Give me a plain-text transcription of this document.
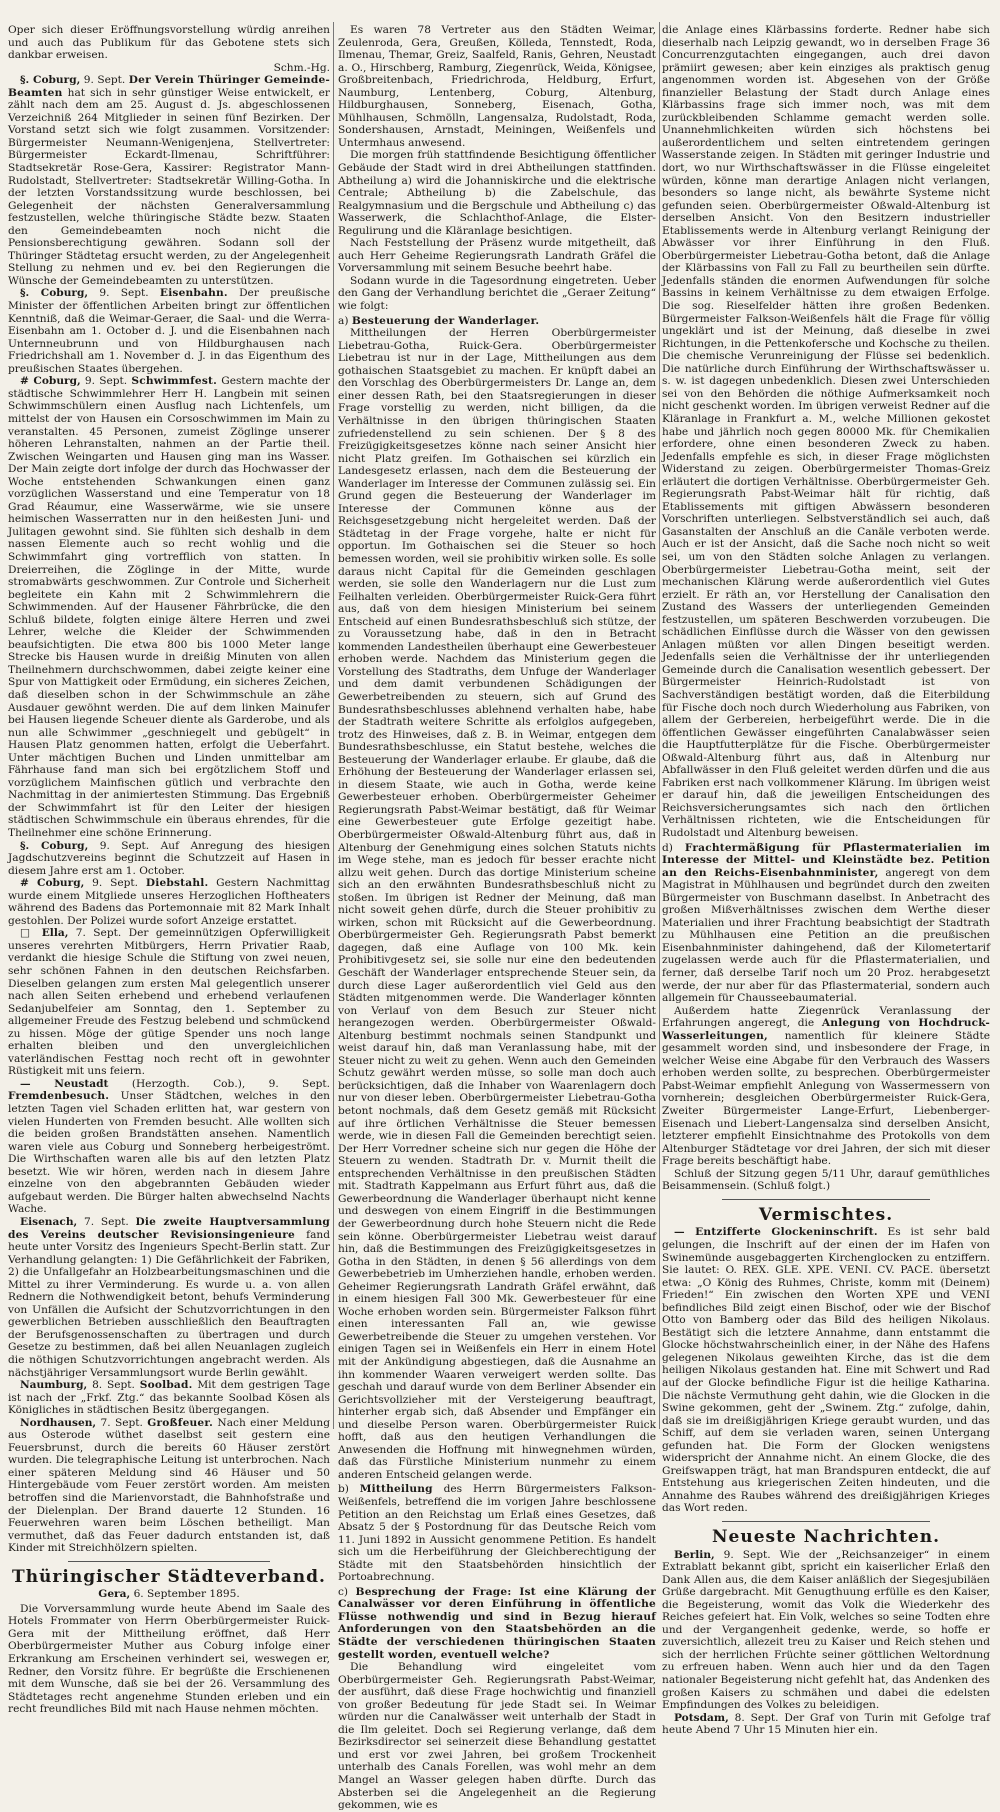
Oper sich dieser Eröffnungsvorstellung würdig anreihen und auch das Publikum für das Gebotene stets sich dankbar erweisen.

Schm.-Hg.

§. Coburg, 9. Sept. Der Verein Thüringer Gemeinde-Beamten hat sich in sehr günstiger Weise entwickelt, er zählt nach dem am 25. August d. Js. abgeschlossenen Verzeichniß 264 Mitglieder in seinen fünf Bezirken. Der Vorstand setzt sich wie folgt zusammen. Vorsitzender: Bürgermeister Neumann-Wenigenjena, Stellvertreter: Bürgermeister Eckardt-Ilmenau, Schriftführer: Stadtsekretär Rose-Gera, Kassirer: Registrator Mann-Rudolstadt, Stellvertreter: Stadtsekretär Willing-Gotha. In der letzten Vorstandssitzung wurde beschlossen, bei Gelegenheit der nächsten Generalversammlung festzustellen, welche thüringische Städte bezw. Staaten den Gemeindebeamten noch nicht die Pensionsberechtigung gewähren. Sodann soll der Thüringer Städtetag ersucht werden, zu der Angelegenheit Stellung zu nehmen und ev. bei den Regierungen die Wünsche der Gemeindebeamten zu unterstützen.

§. Coburg, 9. Sept. Eisenbahn. Der preußische Minister der öffentlichen Arbeiten bringt zur öffentlichen Kenntniß, daß die Weimar-Geraer, die Saal- und die Werra-Eisenbahn am 1. October d. J. und die Eisenbahnen nach Unternneubrunn und von Hildburghausen nach Friedrichshall am 1. November d. J. in das Eigenthum des preußischen Staates übergehen.

# Coburg, 9. Sept. Schwimmfest. Gestern machte der städtische Schwimmlehrer Herr H. Langbein mit seinen Schwimmschülern einen Ausflug nach Lichtenfels, um mittelst der von Hausen ein Corsoschwimmen im Main zu veranstalten. 45 Personen, zumeist Zöglinge unserer höheren Lehranstalten, nahmen an der Partie theil. Zwischen Weingarten und Hausen ging man ins Wasser. Der Main zeigte dort infolge der durch das Hochwasser der Woche entstehenden Schwankungen einen ganz vorzüglichen Wasserstand und eine Temperatur von 18 Grad Réaumur, eine Wasserwärme, wie sie unsere heimischen Wasserratten nur in den heißesten Juni- und Julitagen gewohnt sind. Sie fühlten sich deshalb in dem nassen Elemente auch so recht wohlig und die Schwimmfahrt ging vortrefflich von statten. In Dreierreihen, die Zöglinge in der Mitte, wurde stromabwärts geschwommen. Zur Controle und Sicherheit begleitete ein Kahn mit 2 Schwimmlehrern die Schwimmenden. Auf der Hausener Fährbrücke, die den Schluß bildete, folgten einige ältere Herren und zwei Lehrer, welche die Kleider der Schwimmenden beaufsichtigten. Die etwa 800 bis 1000 Meter lange Strecke bis Hausen wurde in dreißig Minuten von allen Theilnehmern durchschwommen, dabei zeigte keiner eine Spur von Mattigkeit oder Ermüdung, ein sicheres Zeichen, daß dieselben schon in der Schwimmschule an zähe Ausdauer gewöhnt werden. Die auf dem linken Mainufer bei Hausen liegende Scheuer diente als Garderobe, und als nun alle Schwimmer „geschniegelt und gebügelt“ in Hausen Platz genommen hatten, erfolgt die Ueberfahrt. Unter mächtigen Buchen und Linden unmittelbar am Fährhause fand man sich bei ergötzlichem Stoff und vorzüglichem Mainfischen gütlich und verbrachte den Nachmittag in der animiertesten Stimmung. Das Ergebniß der Schwimmfahrt ist für den Leiter der hiesigen städtischen Schwimmschule ein überaus ehrendes, für die Theilnehmer eine schöne Erinnerung.

§. Coburg, 9. Sept. Auf Anregung des hiesigen Jagdschutzvereins beginnt die Schutzzeit auf Hasen in diesem Jahre erst am 1. October.

# Coburg, 9. Sept. Diebstahl. Gestern Nachmittag wurde einem Mitgliede unseres Herzoglichen Hoftheaters während des Badens das Portemonnaie mit 82 Mark Inhalt gestohlen. Der Polizei wurde sofort Anzeige erstattet.

□ Ella, 7. Sept. Der gemeinnützigen Opferwilligkeit unseres verehrten Mitbürgers, Herrn Privatier Raab, verdankt die hiesige Schule die Stiftung von zwei neuen, sehr schönen Fahnen in den deutschen Reichsfarben. Dieselben gelangen zum ersten Mal gelegentlich unserer nach allen Seiten erhebend und erhebend verlaufenen Sedanjubelfeier am Sonntag, den 1. September zu allgemeiner Freude des Festzug belebend und schmückend zu hissen. Möge der gütige Spender uns noch lange erhalten bleiben und den unvergleichlichen vaterländischen Festtag noch recht oft in gewohnter Rüstigkeit mit uns feiern.

— Neustadt (Herzogth. Cob.), 9. Sept. Fremdenbesuch. Unser Städtchen, welches in den letzten Tagen viel Schaden erlitten hat, war gestern von vielen Hunderten von Fremden besucht. Alle wollten sich die beiden großen Brandstätten ansehen. Namentlich waren viele aus Coburg und Sonneberg herbeigeströmt. Die Wirthschaften waren alle bis auf den letzten Platz besetzt. Wie wir hören, werden nach in diesem Jahre einzelne von den abgebrannten Gebäuden wieder aufgebaut werden. Die Bürger halten abwechselnd Nachts Wache.

Eisenach, 7. Sept. Die zweite Hauptversammlung des Vereins deutscher Revisionsingenieure fand heute unter Vorsitz des Ingenieurs Specht-Berlin statt. Zur Verhandlung gelangten: 1) Die Gefährlichkeit der Fabriken, 2) die Unfallgefahr an Holzbearbeitungsmaschinen und die Mittel zu ihrer Verminderung. Es wurde u. a. von allen Rednern die Nothwendigkeit betont, behufs Verminderung von Unfällen die Aufsicht der Schutzvorrichtungen in den gewerblichen Betrieben ausschließlich den Beauftragten der Berufsgenossenschaften zu übertragen und durch Gesetze zu bestimmen, daß bei allen Neuanlagen zugleich die nöthigen Schutzvorrichtungen angebracht werden. Als nächstjähriger Versammlungsort wurde Berlin gewählt.

Naumburg, 8. Sept. Soolbad. Mit dem gestrigen Tage ist nach der „Frkf. Ztg.“ das bekannte Soolbad Kösen als Königliches in städtischen Besitz übergegangen.

Nordhausen, 7. Sept. Großfeuer. Nach einer Meldung aus Osterode wüthet daselbst seit gestern eine Feuersbrunst, durch die bereits 60 Häuser zerstört wurden. Die telegraphische Leitung ist unterbrochen. Nach einer späteren Meldung sind 46 Häuser und 50 Hintergebäude vom Feuer zerstört worden. Am meisten betroffen sind die Marienvorstadt, die Bahnhofstraße und der Dielenplan. Der Brand dauerte 12 Stunden. 16 Feuerwehren waren beim Löschen betheiligt. Man vermuthet, daß das Feuer dadurch entstanden ist, daß Kinder mit Streichhölzern spielten.

Thüringischer Städteverband.

Gera, 6. September 1895.

Die Vorversammlung wurde heute Abend im Saale des Hotels Frommater von Herrn Oberbürgermeister Ruick-Gera mit der Mittheilung eröffnet, daß Herr Oberbürgermeister Muther aus Coburg infolge einer Erkrankung am Erscheinen verhindert sei, weswegen er, Redner, den Vorsitz führe. Er begrüßte die Erschienenen mit dem Wunsche, daß sie bei der 26. Versammlung des Städtetages recht angenehme Stunden erleben und ein recht freundliches Bild mit nach Hause nehmen möchten.

Es waren 78 Vertreter aus den Städten Weimar, Zeulenroda, Gera, Greußen, Kölleda, Tennstedt, Roda, Ilmenau, Themar, Greiz, Saalfeld, Ranis, Gehren, Neustadt a. O., Hirschberg, Ramburg, Ziegenrück, Weida, Königsee, Großbreitenbach, Friedrichroda, Heldburg, Erfurt, Naumburg, Lentenberg, Coburg, Altenburg, Hildburghausen, Sonneberg, Eisenach, Gotha, Mühlhausen, Schmölln, Langensalza, Rudolstadt, Roda, Sondershausen, Arnstadt, Meiningen, Weißenfels und Untermhaus anwesend.

Die morgen früh stattfindende Besichtigung öffentlicher Gebäude der Stadt wird in drei Abtheilungen stattfinden. Abtheilung a) wird die Johanniskirche und die elektrische Centrale; Abtheilung b) die Zabelschule, das Realgymnasium und die Bergschule und Abtheilung c) das Wasserwerk, die Schlachthof-Anlage, die Elster-Regulirung und die Kläranlage besichtigen.

Nach Feststellung der Präsenz wurde mitgetheilt, daß auch Herr Geheime Regierungsrath Landrath Gräfel die Vorversammlung mit seinem Besuche beehrt habe.

Sodann wurde in die Tagesordnung eingetreten. Ueber den Gang der Verhandlung berichtet die „Geraer Zeitung“ wie folgt:

a) Besteuerung der Wanderlager.

Mittheilungen der Herren Oberbürgermeister Liebetrau-Gotha, Ruick-Gera. Oberbürgermeister Liebetrau ist nur in der Lage, Mittheilungen aus dem gothaischen Staatsgebiet zu machen. Er knüpft dabei an den Vorschlag des Oberbürgermeisters Dr. Lange an, dem einer dessen Rath, bei den Staatsregierungen in dieser Frage vorstellig zu werden, nicht billigen, da die Verhältnisse in den übrigen thüringischen Staaten zufriedenstellend zu sein schienen. Der § 8 des Freizügigkeitsgesetzes könne nach seiner Ansicht hier nicht Platz greifen. Im Gothaischen sei kürzlich ein Landesgesetz erlassen, nach dem die Besteuerung der Wanderlager im Interesse der Communen zulässig sei. Ein Grund gegen die Besteuerung der Wanderlager im Interesse der Communen könne aus der Reichsgesetzgebung nicht hergeleitet werden. Daß der Städtetag in der Frage vorgehe, halte er nicht für opportun. Im Gothaischen sei die Steuer so hoch bemessen worden, weil sie prohibitiv wirken solle. Es solle daraus nicht Capital für die Gemeinden geschlagen werden, sie solle den Wanderlagern nur die Lust zum Feilhalten verleiden. Oberbürgermeister Ruick-Gera führt aus, daß von dem hiesigen Ministerium bei seinem Entscheid auf einen Bundesrathsbeschluß sich stütze, der zu Voraussetzung habe, daß in den in Betracht kommenden Landestheilen überhaupt eine Gewerbesteuer erhoben werde. Nachdem das Ministerium gegen die Vorstellung des Stadtraths, dem Unfuge der Wanderlager und dem damit verbundenen Schädigungen der Gewerbetreibenden zu steuern, sich auf Grund des Bundesrathsbeschlusses ablehnend verhalten habe, habe der Stadtrath weitere Schritte als erfolglos aufgegeben, trotz des Hinweises, daß z. B. in Weimar, entgegen dem Bundesrathsbeschlusse, ein Statut bestehe, welches die Besteuerung der Wanderlager erlaube. Er glaube, daß die Erhöhung der Besteuerung der Wanderlager erlassen sei, in diesem Staate, wie auch in Gotha, werde keine Gewerbesteuer erhoben. Oberbürgermeister Geheimer Regierungsrath Pabst-Weimar bestätigt, daß für Weimar eine Gewerbesteuer gute Erfolge gezeitigt habe. Oberbürgermeister Oßwald-Altenburg führt aus, daß in Altenburg der Genehmigung eines solchen Statuts nichts im Wege stehe, man es jedoch für besser erachte nicht allzu weit gehen. Durch das dortige Ministerium scheine sich an den erwähnten Bundesrathsbeschluß nicht zu stoßen. Im übrigen ist Redner der Meinung, daß man nicht soweit gehen dürfe, durch die Steuer prohibitiv zu wirken, schon mit Rücksicht auf die Gewerbeordnung. Oberbürgermeister Geh. Regierungsrath Pabst bemerkt dagegen, daß eine Auflage von 100 Mk. kein Prohibitivgesetz sei, sie solle nur eine den bedeutenden Geschäft der Wanderlager entsprechende Steuer sein, da durch diese Lager außerordentlich viel Geld aus den Städten mitgenommen werde. Die Wanderlager könnten von Verlauf von dem Besuch zur Steuer nicht herangezogen werden. Oberbürgermeister Oßwald-Altenburg bestimmt nochmals seinen Standpunkt und weist darauf hin, daß man Veranlassung habe, mit der Steuer nicht zu weit zu gehen. Wenn auch den Gemeinden Schutz gewährt werden müsse, so solle man doch auch berücksichtigen, daß die Inhaber von Waarenlagern doch nur von dieser leben. Oberbürgermeister Liebetrau-Gotha betont nochmals, daß dem Gesetz gemäß mit Rücksicht auf ihre örtlichen Verhältnisse die Steuer bemessen werde, wie in diesen Fall die Gemeinden berechtigt seien. Der Herr Vorredner scheine sich nur gegen die Höhe der Steuern zu wenden. Stadtrath Dr. v. Murnit theilt die entsprechenden Verhältnisse in den preußischen Städten mit. Stadtrath Kappelmann aus Erfurt führt aus, daß die Gewerbeordnung die Wanderlager überhaupt nicht kenne und deswegen von einem Eingriff in die Bestimmungen der Gewerbeordnung durch hohe Steuern nicht die Rede sein könne. Oberbürgermeister Liebetrau weist darauf hin, daß die Bestimmungen des Freizügigkeitsgesetzes in Gotha in den Städten, in denen § 56 allerdings von dem Gewerbebetrieb im Umherziehen handle, erhoben werden. Geheimer Regierungsrath Landrath Gräfel erwähnt, daß in einem hiesigen Fall 300 Mk. Gewerbesteuer für eine Woche erhoben worden sein. Bürgermeister Falkson führt einen interessanten Fall an, wie gewisse Gewerbetreibende die Steuer zu umgehen verstehen. Vor einigen Tagen sei in Weißenfels ein Herr in einem Hotel mit der Ankündigung abgestiegen, daß die Ausnahme an ihn kommender Waaren verweigert werden sollte. Das geschah und darauf wurde von dem Berliner Absender ein Gerichtsvollzieher mit der Versteigerung beauftragt, hinterher ergab sich, daß Absender und Empfänger ein und dieselbe Person waren. Oberbürgermeister Ruick hofft, daß aus den heutigen Verhandlungen die Anwesenden die Hoffnung mit hinwegnehmen würden, daß das Fürstliche Ministerium nunmehr zu einem anderen Entscheid gelangen werde.

b) Mittheilung des Herrn Bürgermeisters Falkson-Weißenfels, betreffend die im vorigen Jahre beschlossene Petition an den Reichstag um Erlaß eines Gesetzes, daß Absatz 5 der § Postordnung für das Deutsche Reich vom 11. Juni 1892 in Aussicht genommene Petition. Es handelt sich um die Herbeiführung der Gleichberechtigung der Städte mit den Staatsbehörden hinsichtlich der Portoabrechnung.

c) Besprechung der Frage: Ist eine Klärung der Canalwässer vor deren Einführung in öffentliche Flüsse nothwendig und sind in Bezug hierauf Anforderungen von den Staatsbehörden an die Städte der verschiedenen thüringischen Staaten gestellt worden, eventuell welche?

Die Behandlung wird eingeleitet vom Oberbürgermeister Geh. Regierungsrath Pabst-Weimar, der ausführt, daß diese Frage hochwichtig und finanziell von großer Bedeutung für jede Stadt sei. In Weimar würden nur die Canalwässer weit unterhalb der Stadt in die Ilm geleitet. Doch sei Regierung verlange, daß dem Bezirksdirector sei seinerzeit diese Behandlung gestattet und erst vor zwei Jahren, bei großem Trockenheit unterhalb des Canals Forellen, was wohl mehr an dem Mangel an Wasser gelegen haben dürfte. Durch das Absterben sei die Angelegenheit an die Regierung gekommen, wie es

die Anlage eines Klärbassins forderte. Redner habe sich dieserhalb nach Leipzig gewandt, wo in derselben Frage 36 Concurrenzgutachten eingegangen, auch drei davon prämiirt gewesen; aber kein einziges als praktisch genug angenommen worden ist. Abgesehen von der Größe finanzieller Belastung der Stadt durch Anlage eines Klärbassins frage sich immer noch, was mit dem zurückbleibenden Schlamme gemacht werden solle. Unannehmlichkeiten würden sich höchstens bei außerordentlichem und selten eintretendem geringen Wasserstande zeigen. In Städten mit geringer Industrie und dort, wo nur Wirthschaftswässer in die Flüsse eingeleitet würden, könne man derartige Anlagen nicht verlangen, besonders so lange nicht, als bewährte Systeme nicht gefunden seien. Oberbürgermeister Oßwald-Altenburg ist derselben Ansicht. Von den Besitzern industrieller Etablissements werde in Altenburg verlangt Reinigung der Abwässer vor ihrer Einführung in den Fluß. Oberbürgermeister Liebetrau-Gotha betont, daß die Anlage der Klärbassins von Fall zu Fall zu beurtheilen sein dürfte. Jedenfalls ständen die enormen Aufwendungen für solche Bassins in keinem Verhältnisse zu dem etwaigen Erfolge. Die sog. Rieselfelder hätten ihre großen Bedenken. Bürgermeister Falkson-Weißenfels hält die Frage für völlig ungeklärt und ist der Meinung, daß dieselbe in zwei Richtungen, in die Pettenkofersche und Kochsche zu theilen. Die chemische Verunreinigung der Flüsse sei bedenklich. Die natürliche durch Einführung der Wirthschaftswässer u. s. w. ist dagegen unbedenklich. Diesen zwei Unterschieden sei von den Behörden die nöthige Aufmerksamkeit noch nicht geschenkt worden. Im übrigen verweist Redner auf die Kläranlage in Frankfurt a. M., welche Millionen gekostet habe und jährlich noch gegen 80000 Mk. für Chemikalien erfordere, ohne einen besonderen Zweck zu haben. Jedenfalls empfehle es sich, in dieser Frage möglichsten Widerstand zu zeigen. Oberbürgermeister Thomas-Greiz erläutert die dortigen Verhältnisse. Oberbürgermeister Geh. Regierungsrath Pabst-Weimar hält für richtig, daß Etablissements mit giftigen Abwässern besonderen Vorschriften unterliegen. Selbstverständlich sei auch, daß Gasanstalten der Anschluß an die Canäle verboten werde. Auch er ist der Ansicht, daß die Sache noch nicht so weit sei, um von den Städten solche Anlagen zu verlangen. Oberbürgermeister Liebetrau-Gotha meint, seit der mechanischen Klärung werde außerordentlich viel Gutes erzielt. Er räth an, vor Herstellung der Canalisation den Zustand des Wassers der unterliegenden Gemeinden festzustellen, um späteren Beschwerden vorzubeugen. Die schädlichen Einflüsse durch die Wässer von den gewissen Anlagen müßten vor allen Dingen beseitigt werden. Jedenfalls seien die Verhältnisse der ihr unterliegenden Gemeinde durch die Canalisation wesentlich gebessert. Der Bürgermeister Heinrich-Rudolstadt ist von Sachverständigen bestätigt worden, daß die Eiterbildung für Fische doch noch durch Wiederholung aus Fabriken, von allem der Gerbereien, herbeigeführt werde. Die in die öffentlichen Gewässer eingeführten Canalabwässer seien die Hauptfutterplätze für die Fische. Oberbürgermeister Oßwald-Altenburg führt aus, daß in Altenburg nur Abfallwässer in den Fluß geleitet werden dürfen und die aus Fabriken erst nach vollkommener Klärung. Im übrigen weist er darauf hin, daß die jeweiligen Entscheidungen des Reichsversicherungsamtes sich nach den örtlichen Verhältnissen richteten, wie die Entscheidungen für Rudolstadt und Altenburg beweisen.

d) Frachtermäßigung für Pflastermaterialien im Interesse der Mittel- und Kleinstädte bez. Petition an den Reichs-Eisenbahnminister, angeregt von dem Magistrat in Mühlhausen und begründet durch den zweiten Bürgermeister von Buschmann daselbst. In Anbetracht des großen Mißverhältnisses zwischen dem Werthe dieser Materialien und ihrer Frachtung beabsichtigt der Stadtrath zu Mühlhausen eine Petition an die preußischen Eisenbahnminister dahingehend, daß der Kilometertarif zugelassen werde auch für die Pflastermaterialien, und ferner, daß derselbe Tarif noch um 20 Proz. herabgesetzt werde, der nur aber für das Pflastermaterial, sondern auch allgemein für Chausseebaumaterial.

Außerdem hatte Ziegenrück Veranlassung der Erfahrungen angeregt, die Anlegung von Hochdruck-Wasserleitungen, namentlich für kleinere Städte gesammelt worden sind, und insbesondere der Frage, in welcher Weise eine Abgabe für den Verbrauch des Wassers erhoben werden sollte, zu besprechen. Oberbürgermeister Pabst-Weimar empfiehlt Anlegung von Wassermessern von vornherein; desgleichen Oberbürgermeister Ruick-Gera, Zweiter Bürgermeister Lange-Erfurt, Liebenberger-Eisenach und Liebert-Langensalza sind derselben Ansicht, letzterer empfiehlt Einsichtnahme des Protokolls von dem Altenburger Städtetage vor drei Jahren, der sich mit dieser Frage bereits beschäftigt habe.

Schluß der Sitzung gegen 5/11 Uhr, darauf gemüthliches Beisammensein. (Schluß folgt.)

Vermischtes.

— Entzifferte Glockeninschrift. Es ist sehr bald gelungen, die Inschrift auf der einen der im Hafen von Swinemünde ausgebaggerten Kirchenglocken zu entziffern. Sie lautet: O. REX. GLE. XPE. VENI. CV. PACE. übersetzt etwa: „O König des Ruhmes, Christe, komm mit (Deinem) Frieden!“ Ein zwischen den Worten XPE und VENI befindliches Bild zeigt einen Bischof, oder wie der Bischof Otto von Bamberg oder das Bild des heiligen Nikolaus. Bestätigt sich die letztere Annahme, dann entstammt die Glocke höchstwahrscheinlich einer, in der Nähe des Hafens gelegenen Nikolaus geweihten Kirche, das ist die dem heiligen Nikolaus gestanden hat. Eine mit Schwert und Rad auf der Glocke befindliche Figur ist die heilige Katharina. Die nächste Vermuthung geht dahin, wie die Glocken in die Swine gekommen, geht der „Swinem. Ztg.“ zufolge, dahin, daß sie im dreißigjährigen Kriege geraubt wurden, und das Schiff, auf dem sie verladen waren, seinen Untergang gefunden hat. Die Form der Glocken wenigstens widerspricht der Annahme nicht. An einem Glocke, die des Greifswappen trägt, hat man Brandspuren entdeckt, die auf Entstehung aus kriegerischen Zeiten hindeuten, und die Annahme des Raubes während des dreißigjährigen Krieges das Wort reden.

Neueste Nachrichten.

Berlin, 9. Sept. Wie der „Reichsanzeiger“ in einem Extrablatt bekannt gibt, spricht ein kaiserlicher Erlaß den Dank Allen aus, die dem Kaiser anläßlich der Siegesjubiläen Grüße dargebracht. Mit Genugthuung erfülle es den Kaiser, die Begeisterung, womit das Volk die Wiederkehr des Reiches gefeiert hat. Ein Volk, welches so seine Todten ehre und der Vergangenheit gedenke, werde, so hoffe er zuversichtlich, allezeit treu zu Kaiser und Reich stehen und sich der herrlichen Früchte seiner göttlichen Weltordnung zu erfreuen haben. Wenn auch hier und da den Tagen nationaler Begeisterung nicht gefehlt hat, das Andenken des großen Kaisers zu schmähen und dabei die edelsten Empfindungen des Volkes zu beleidigen.

Potsdam, 8. Sept. Der Graf von Turin mit Gefolge traf heute Abend 7 Uhr 15 Minuten hier ein.
